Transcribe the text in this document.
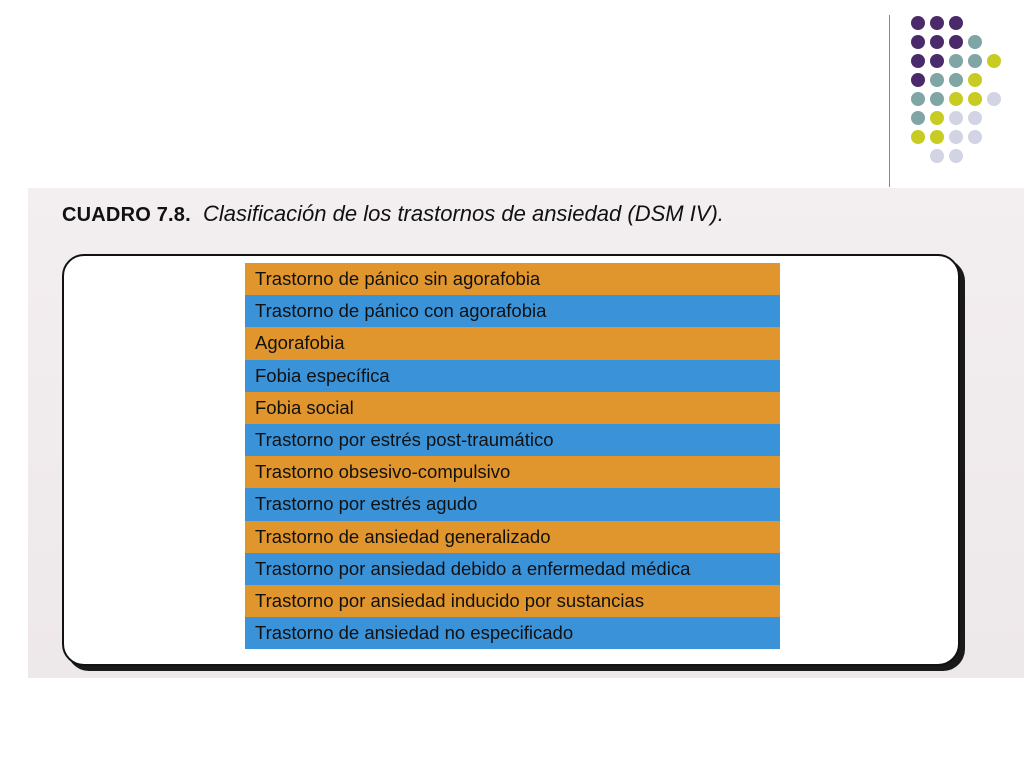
CUADRO 7.8. Clasificación de los trastornos de ansiedad (DSM IV).
Trastorno de pánico sin agorafobia
Trastorno de pánico con agorafobia
Agorafobia
Fobia específica
Fobia social
Trastorno por estrés post-traumático
Trastorno obsesivo-compulsivo
Trastorno por estrés agudo
Trastorno de ansiedad generalizado
Trastorno por ansiedad debido a enfermedad médica
Trastorno por ansiedad inducido por sustancias
Trastorno de ansiedad no especificado
